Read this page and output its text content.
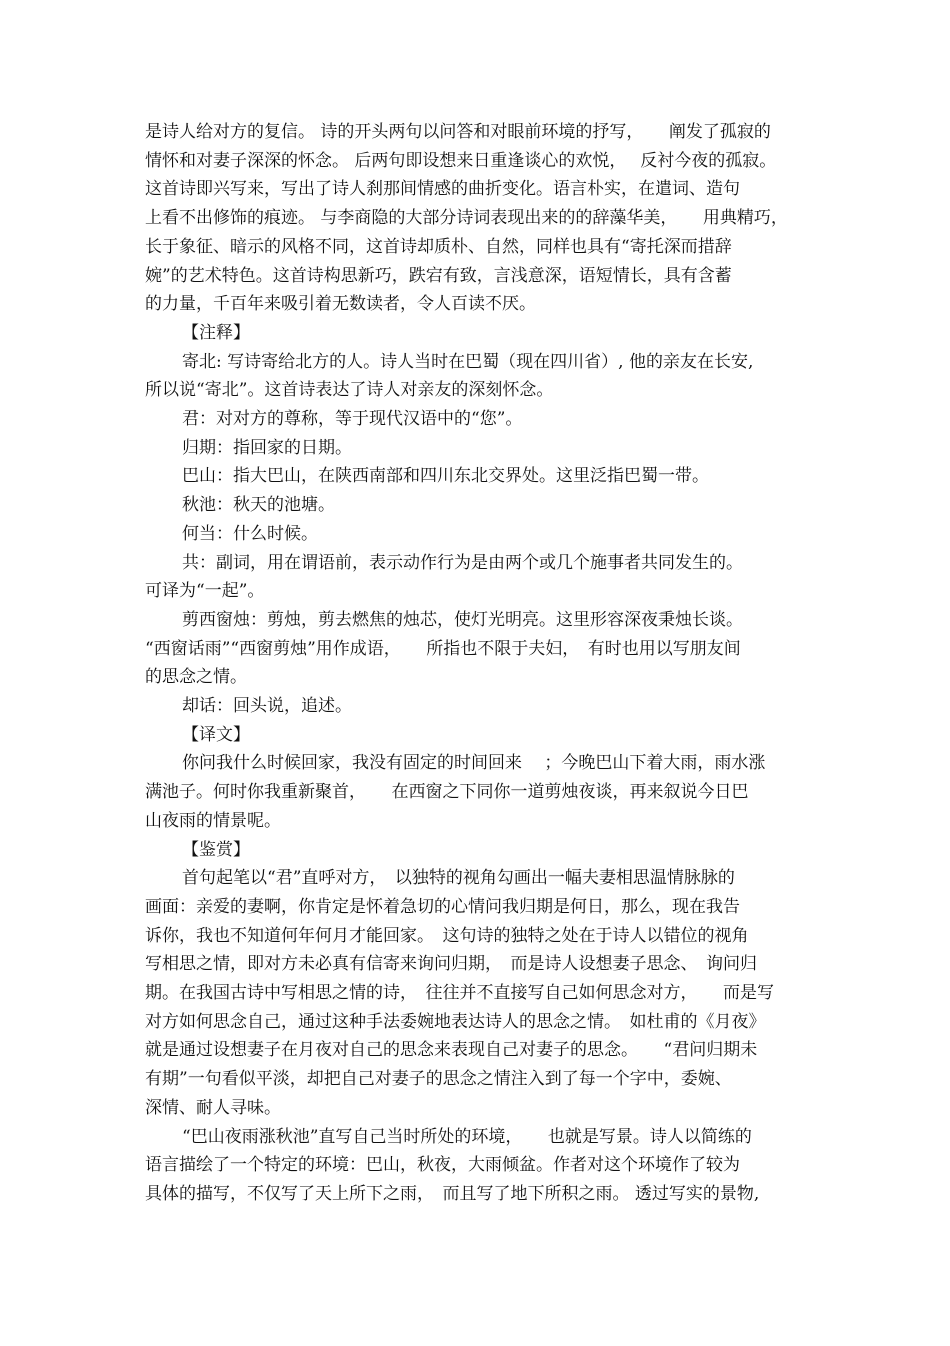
是诗人给对方的复信。 诗的开头两句以问答和对眼前环境的抒写，　　阐发了孤寂的
情怀和对妻子深深的怀念。 后两句即设想来日重逢谈心的欢悦，　 反衬今夜的孤寂。
这首诗即兴写来，写出了诗人刹那间情感的曲折变化。语言朴实，在遣词、造句
上看不出修饰的痕迹。 与李商隐的大部分诗词表现出来的的辞藻华美，　　用典精巧，
长于象征、暗示的风格不同，这首诗却质朴、自然，同样也具有“寄托深而措辞
婉”的艺术特色。这首诗构思新巧，跌宕有致，言浅意深，语短情长，具有含蓄
的力量，千百年来吸引着无数读者，令人百读不厌。
【注释】
寄北: 写诗寄给北方的人。诗人当时在巴蜀（现在四川省）, 他的亲友在长安,
所以说“寄北”。这首诗表达了诗人对亲友的深刻怀念。
君：对对方的尊称，等于现代汉语中的“您”。
归期：指回家的日期。
巴山：指大巴山，在陕西南部和四川东北交界处。这里泛指巴蜀一带。
秋池：秋天的池塘。
何当：什么时候。
共：副词，用在谓语前，表示动作行为是由两个或几个施事者共同发生的。
可译为“一起”。
剪西窗烛：剪烛，剪去燃焦的烛芯，使灯光明亮。这里形容深夜秉烛长谈。
“西窗话雨”“西窗剪烛”用作成语，　　所指也不限于夫妇，　有时也用以写朋友间
的思念之情。
却话：回头说，追述。
【译文】
你问我什么时候回家，我没有固定的时间回来　 ；今晚巴山下着大雨，雨水涨
满池子。何时你我重新聚首，　　在西窗之下同你一道剪烛夜谈，再来叙说今日巴
山夜雨的情景呢。
【鉴赏】
首句起笔以“君”直呼对方，　以独特的视角勾画出一幅夫妻相思温情脉脉的
画面：亲爱的妻啊，你肯定是怀着急切的心情问我归期是何日，那么，现在我告
诉你，我也不知道何年何月才能回家。　这句诗的独特之处在于诗人以错位的视角
写相思之情，即对方未必真有信寄来询问归期，　而是诗人设想妻子思念、　询问归
期。在我国古诗中写相思之情的诗，　往往并不直接写自己如何思念对方，　　而是写
对方如何思念自己，通过这种手法委婉地表达诗人的思念之情。　如杜甫的《月夜》
就是通过设想妻子在月夜对自己的思念来表现自己对妻子的思念。　　“君问归期未
有期”一句看似平淡，却把自己对妻子的思念之情注入到了每一个字中，委婉、
深情、耐人寻味。
“巴山夜雨涨秋池”直写自己当时所处的环境，　　也就是写景。诗人以简练的
语言描绘了一个特定的环境：巴山，秋夜，大雨倾盆。作者对这个环境作了较为
具体的描写，不仅写了天上所下之雨，　而且写了地下所积之雨。 透过写实的景物,
